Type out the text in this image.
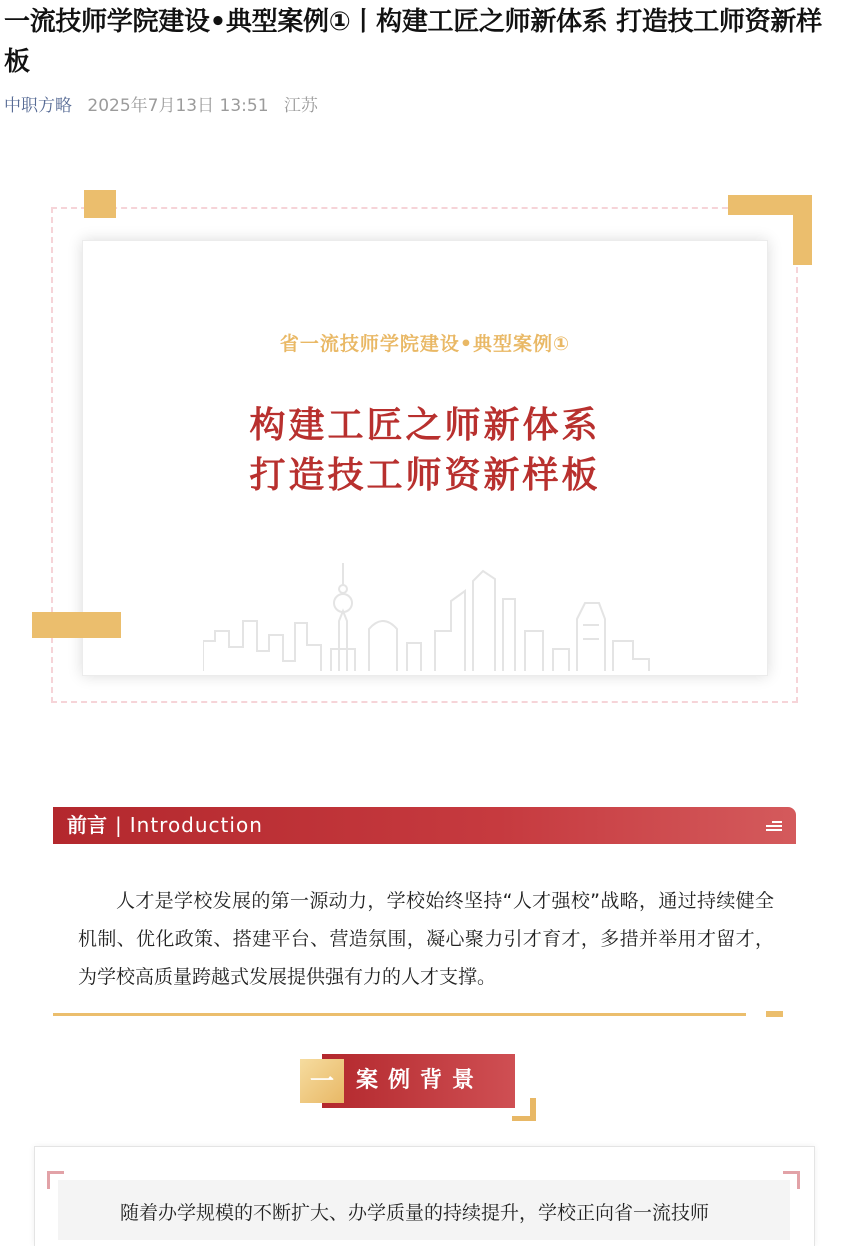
一流技师学院建设•典型案例①丨构建工匠之师新体系 打造技工师资新样板
中职方略 2025年7月13日 13:51 江苏
省一流技师学院建设•典型案例①
构建工匠之师新体系
打造技工师资新样板
前言 | Introduction
人才是学校发展的第一源动力，学校始终坚持“人才强校”战略，通过持续健全机制、优化政策、搭建平台、营造氛围，凝心聚力引才育才，多措并举用才留才，为学校高质量跨越式发展提供强有力的人才支撑。
案例背景
一
随着办学规模的不断扩大、办学质量的持续提升，学校正向省一流技师
